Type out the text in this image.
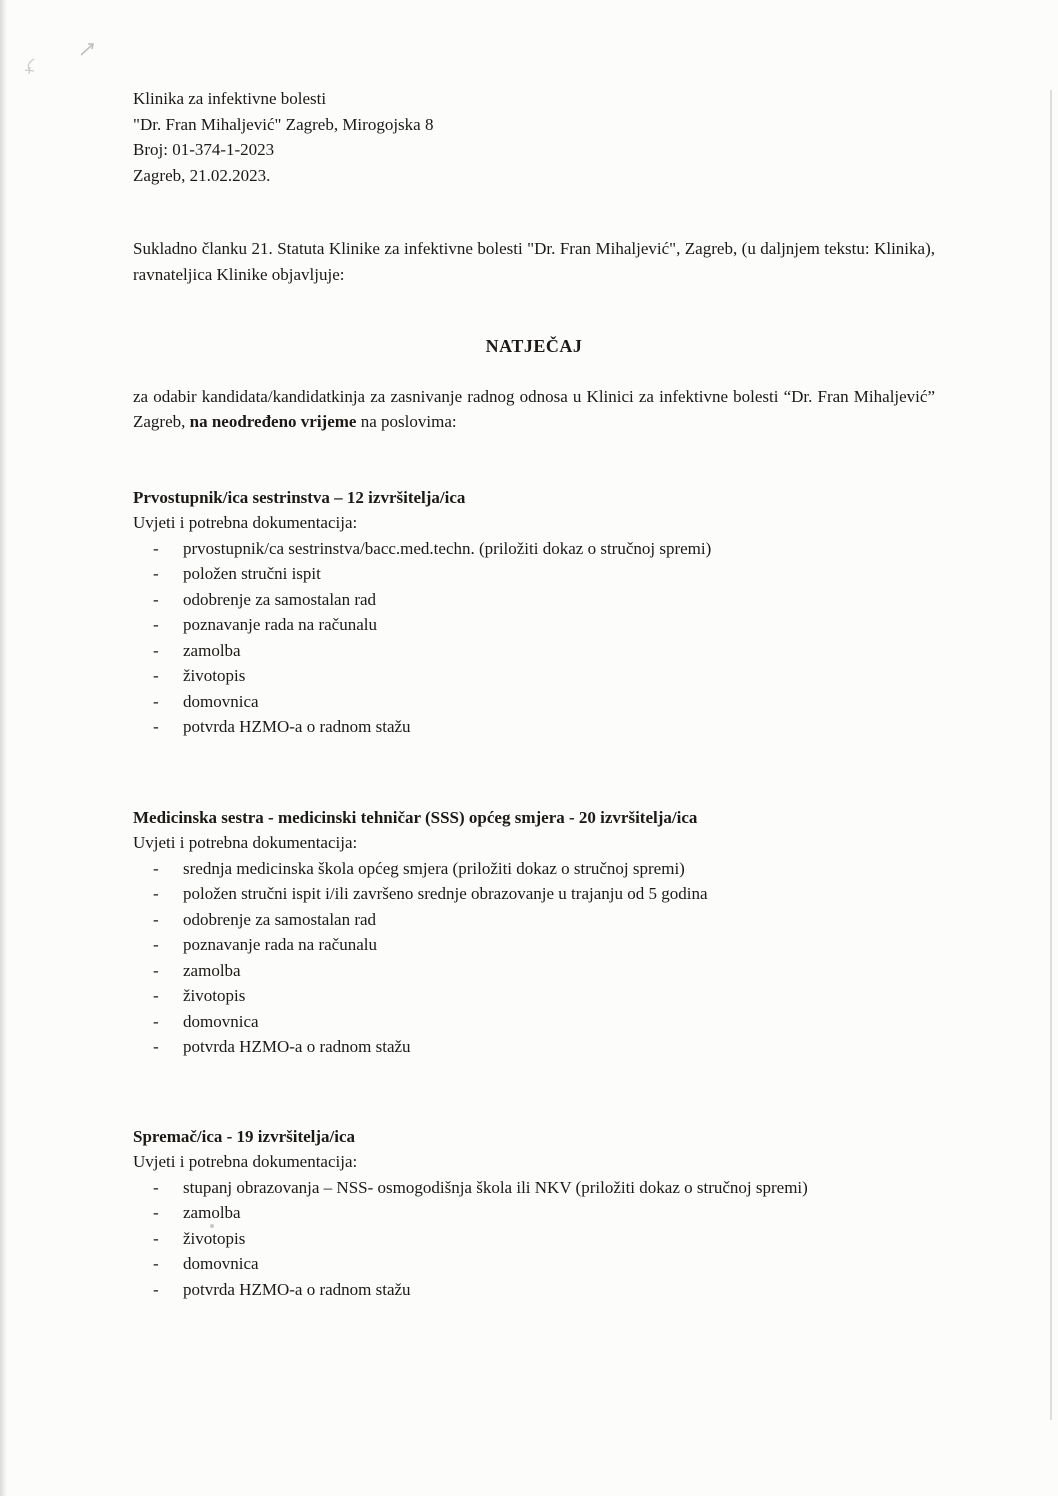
Klinika za infektivne bolesti
"Dr. Fran Mihaljević" Zagreb, Mirogojska 8
Broj: 01-374-1-2023
Zagreb, 21.02.2023.

Sukladno članku 21. Statuta Klinike za infektivne bolesti "Dr. Fran Mihaljević", Zagreb, (u daljnjem tekstu: Klinika), ravnateljica Klinike objavljuje:

NATJEČAJ

za odabir kandidata/kandidatkinja za zasnivanje radnog odnosa u Klinici za infektivne bolesti “Dr. Fran Mihaljević” Zagreb, na neodređeno vrijeme na poslovima:

Prvostupnik/ica sestrinstva – 12 izvršitelja/ica

Uvjeti i potrebna dokumentacija:

- prvostupnik/ca sestrinstva/bacc.med.techn. (priložiti dokaz o stručnoj spremi)
- položen stručni ispit
- odobrenje za samostalan rad
- poznavanje rada na računalu
- zamolba
- životopis
- domovnica
- potvrda HZMO-a o radnom stažu
Medicinska sestra - medicinski tehničar (SSS) općeg smjera - 20 izvršitelja/ica

Uvjeti i potrebna dokumentacija:

- srednja medicinska škola općeg smjera (priložiti dokaz o stručnoj spremi)
- položen stručni ispit i/ili završeno srednje obrazovanje u trajanju od 5 godina
- odobrenje za samostalan rad
- poznavanje rada na računalu
- zamolba
- životopis
- domovnica
- potvrda HZMO-a o radnom stažu
Spremač/ica - 19 izvršitelja/ica

Uvjeti i potrebna dokumentacija:

- stupanj obrazovanja – NSS- osmogodišnja škola ili NKV (priložiti dokaz o stručnoj spremi)
- zamolba
- životopis
- domovnica
- potvrda HZMO-a o radnom stažu
